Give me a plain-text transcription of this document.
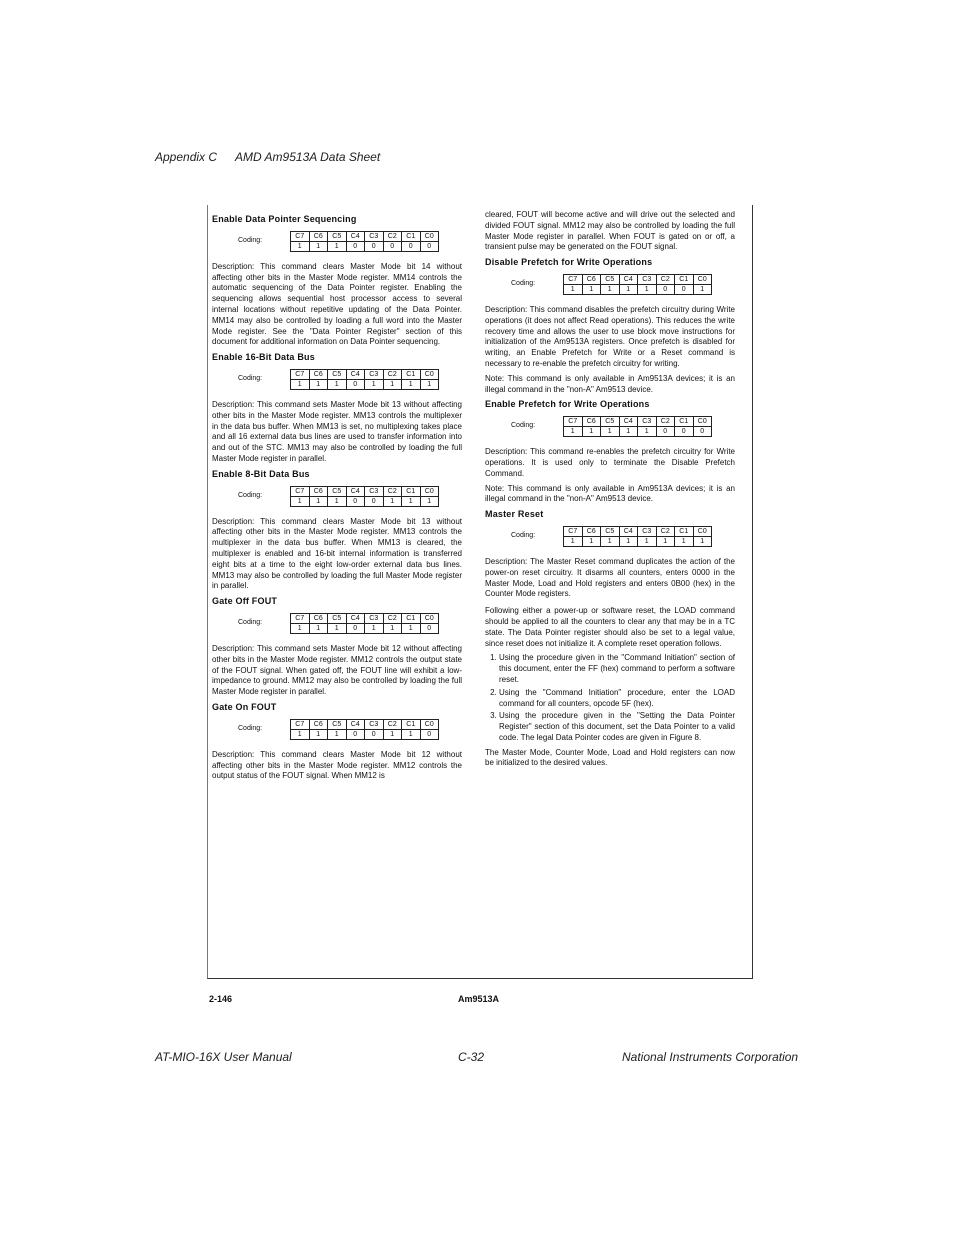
Appendix C AMD Am9513A Data Sheet
Enable Data Pointer Sequencing
Coding:
C7	C6	C5	C4	C3	C2	C1	C0
1	1	1	0	0	0	0	0

Description: This command clears Master Mode bit 14 without affecting other bits in the Master Mode register. MM14 controls the automatic sequencing of the Data Pointer register. Enabling the sequencing allows sequential host processor access to several internal locations without repetitive updating of the Data Pointer. MM14 may also be controlled by loading a full word into the Master Mode register. See the "Data Pointer Register" section of this document for additional information on Data Pointer sequencing.

Enable 16-Bit Data Bus
Coding:
C7	C6	C5	C4	C3	C2	C1	C0
1	1	1	0	1	1	1	1

Description: This command sets Master Mode bit 13 without affecting other bits in the Master Mode register. MM13 controls the multiplexer in the data bus buffer. When MM13 is set, no multiplexing takes place and all 16 external data bus lines are used to transfer information into and out of the STC. MM13 may also be controlled by loading the full Master Mode register in parallel.

Enable 8-Bit Data Bus
Coding:
C7	C6	C5	C4	C3	C2	C1	C0
1	1	1	0	0	1	1	1

Description: This command clears Master Mode bit 13 without affecting other bits in the Master Mode register. MM13 controls the multiplexer in the data bus buffer. When MM13 is cleared, the multiplexer is enabled and 16-bit internal information is transferred eight bits at a time to the eight low-order external data bus lines. MM13 may also be controlled by loading the full Master Mode register in parallel.

Gate Off FOUT
Coding:
C7	C6	C5	C4	C3	C2	C1	C0
1	1	1	0	1	1	1	0

Description: This command sets Master Mode bit 12 without affecting other bits in the Master Mode register. MM12 controls the output state of the FOUT signal. When gated off, the FOUT line will exhibit a low-impedance to ground. MM12 may also be controlled by loading the full Master Mode register in parallel.

Gate On FOUT
Coding:
C7	C6	C5	C4	C3	C2	C1	C0
1	1	1	0	0	1	1	0

Description: This command clears Master Mode bit 12 without affecting other bits in the Master Mode register. MM12 controls the output status of the FOUT signal. When MM12 is

cleared, FOUT will become active and will drive out the selected and divided FOUT signal. MM12 may also be controlled by loading the full Master Mode register in parallel. When FOUT is gated on or off, a transient pulse may be generated on the FOUT signal.

Disable Prefetch for Write Operations
Coding:
C7	C6	C5	C4	C3	C2	C1	C0
1	1	1	1	1	0	0	1

Description: This command disables the prefetch circuitry during Write operations (it does not affect Read operations). This reduces the write recovery time and allows the user to use block move instructions for initialization of the Am9513A registers. Once prefetch is disabled for writing, an Enable Prefetch for Write or a Reset command is necessary to re-enable the prefetch circuitry for writing.

Note: This command is only available in Am9513A devices; it is an illegal command in the "non-A" Am9513 device.

Enable Prefetch for Write Operations
Coding:
C7	C6	C5	C4	C3	C2	C1	C0
1	1	1	1	1	0	0	0

Description: This command re-enables the prefetch circuitry for Write operations. It is used only to terminate the Disable Prefetch Command.

Note: This command is only available in Am9513A devices; it is an illegal command in the "non-A" Am9513 device.

Master Reset
Coding:
C7	C6	C5	C4	C3	C2	C1	C0
1	1	1	1	1	1	1	1

Description: The Master Reset command duplicates the action of the power-on reset circuitry. It disarms all counters, enters 0000 in the Master Mode, Load and Hold registers and enters 0B00 (hex) in the Counter Mode registers.

Following either a power-up or software reset, the LOAD command should be applied to all the counters to clear any that may be in a TC state. The Data Pointer register should also be set to a legal value, since reset does not initialize it. A complete reset operation follows.

1. Using the procedure given in the "Command Initiation" section of this document, enter the FF (hex) command to perform a software reset.
2. Using the "Command Initiation" procedure, enter the LOAD command for all counters, opcode 5F (hex).
3. Using the procedure given in the "Setting the Data Pointer Register" section of this document, set the Data Pointer to a valid code. The legal Data Pointer codes are given in Figure 8.

The Master Mode, Counter Mode, Load and Hold registers can now be initialized to the desired values.

2-146	Am9513A
AT-MIO-16X User Manual	C-32	National Instruments Corporation
